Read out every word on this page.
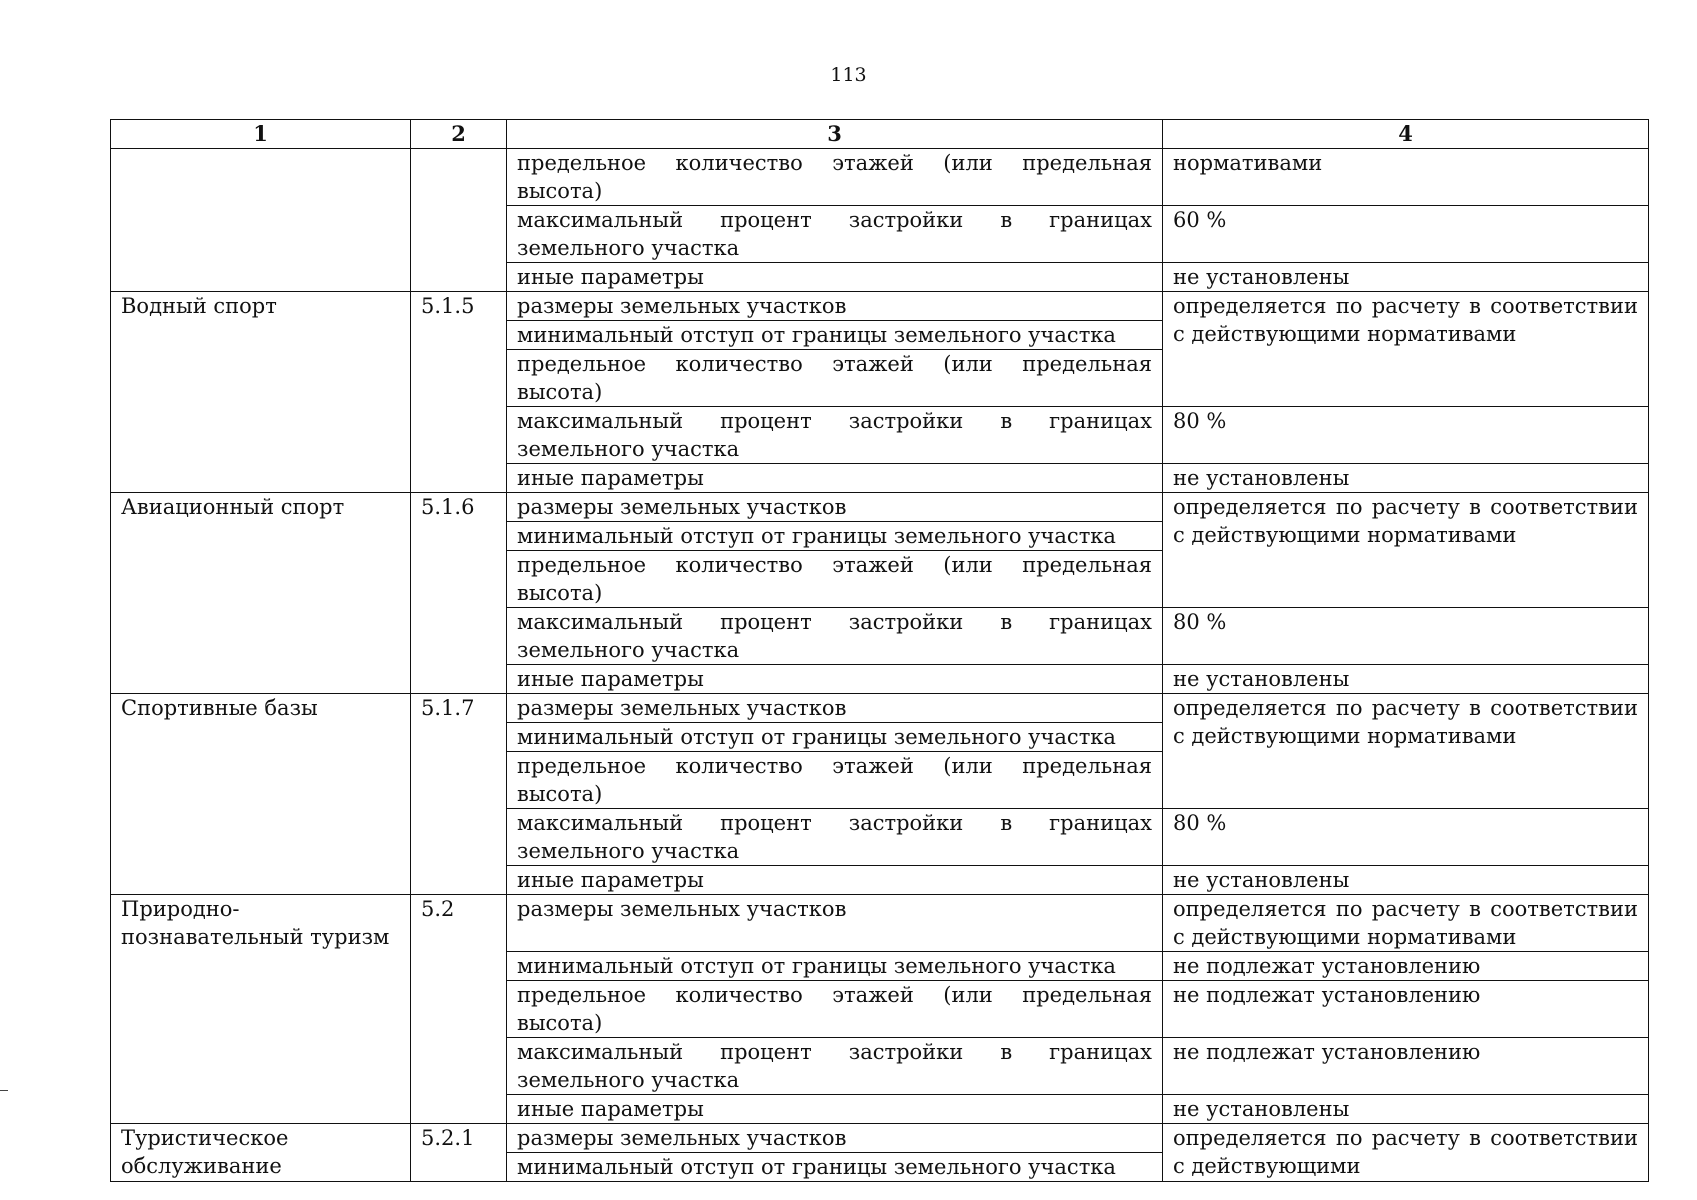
113
1	2	3	4
		предельное количество этажей (или предельная высота)	нормативами
		максимальный процент застройки в границах земельного участка	60 %
		иные параметры	не установлены
Водный спорт	5.1.5	размеры земельных участков	определяется по расчету в соответствии с действующими нормативами
		минимальный отступ от границы земельного участка	
		предельное количество этажей (или предельная высота)	
		максимальный процент застройки в границах земельного участка	80 %
		иные параметры	не установлены
Авиационный спорт	5.1.6	размеры земельных участков	определяется по расчету в соответствии с действующими нормативами
		минимальный отступ от границы земельного участка	
		предельное количество этажей (или предельная высота)	
		максимальный процент застройки в границах земельного участка	80 %
		иные параметры	не установлены
Спортивные базы	5.1.7	размеры земельных участков	определяется по расчету в соответствии с действующими нормативами
		минимальный отступ от границы земельного участка	
		предельное количество этажей (или предельная высота)	
		максимальный процент застройки в границах земельного участка	80 %
		иные параметры	не установлены
Природно-познавательный туризм	5.2	размеры земельных участков	определяется по расчету в соответствии с действующими нормативами
		минимальный отступ от границы земельного участка	не подлежат установлению
		предельное количество этажей (или предельная высота)	не подлежат установлению
		максимальный процент застройки в границах земельного участка	не подлежат установлению
		иные параметры	не установлены
Туристическое обслуживание	5.2.1	размеры земельных участков	определяется по расчету в соответствии с действующими
		минимальный отступ от границы земельного участка	
